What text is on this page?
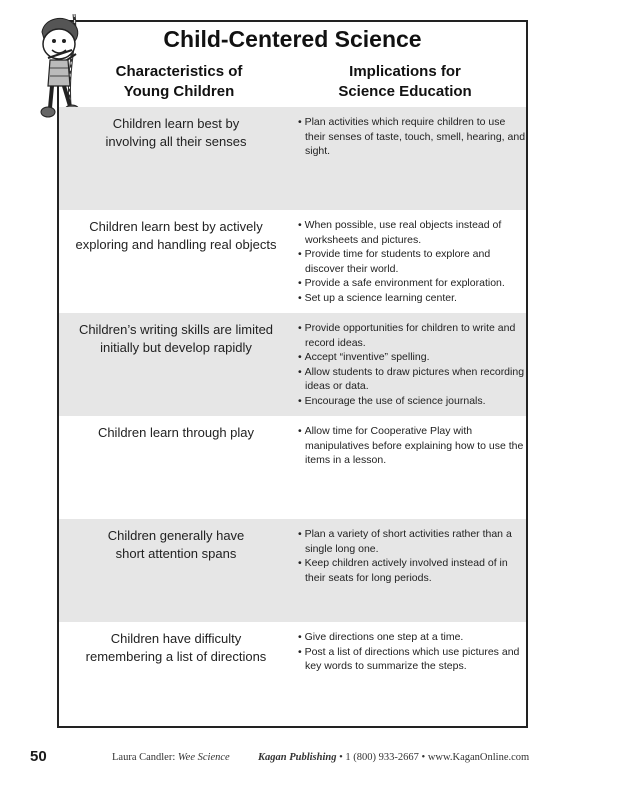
Child-Centered Science
Characteristics of
Young Children
Implications for
Science Education
Children learn best by
involving all their senses
• Plan activities which require children to use their senses of taste, touch, smell, hearing, and sight.
Children learn best by actively
exploring and handling real objects
• When possible, use real objects instead of worksheets and pictures.
• Provide time for students to explore and discover their world.
• Provide a safe environment for exploration.
• Set up a science learning center.
Children’s writing skills are limited
initially but develop rapidly
• Provide opportunities for children to write and record ideas.
• Accept “inventive” spelling.
• Allow students to draw pictures when recording ideas or data.
• Encourage the use of science journals.
Children learn through play
•	Allow time for Cooperative Play with manipulatives before explaining how to use the items in a lesson.
Children generally have
short attention spans
• Plan a variety of short activities rather than a single long one.
• Keep children actively involved instead of in their seats for long periods.
Children have difficulty
remembering a list of directions
• Give directions one step at a time.
• Post a list of directions which use pictures and key words to summarize the steps.
50	Laura Candler: Wee Science	Kagan Publishing • 1 (800) 933-2667 • www.KaganOnline.com
